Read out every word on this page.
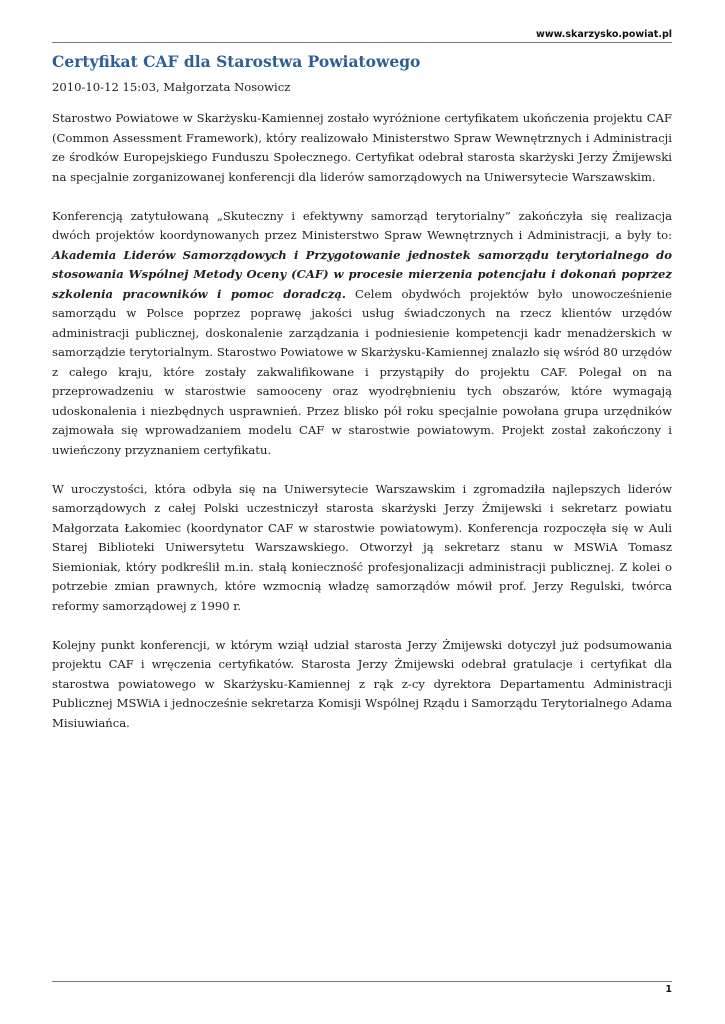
www.skarzysko.powiat.pl
Certyfikat CAF dla Starostwa Powiatowego
2010-10-12 15:03, Małgorzata Nosowicz

Starostwo Powiatowe w Skarżysku-Kamiennej zostało wyróżnione certyfikatem ukończenia projektu CAF (Common Assessment Framework), który realizowało Ministerstwo Spraw Wewnętrznych i Administracji ze środków Europejskiego Funduszu Społecznego. Certyfikat odebrał starosta skarżyski Jerzy Żmijewski na specjalnie zorganizowanej konferencji dla liderów samorządowych na Uniwersytecie Warszawskim.

Konferencją zatytułowaną „Skuteczny i efektywny samorząd terytorialny” zakończyła się realizacja dwóch projektów koordynowanych przez Ministerstwo Spraw Wewnętrznych i Administracji, a były to: Akademia Liderów Samorządowych i Przygotowanie jednostek samorządu terytorialnego do stosowania Wspólnej Metody Oceny (CAF) w procesie mierzenia potencjału i dokonań poprzez szkolenia pracowników i pomoc doradczą. Celem obydwóch projektów było unowocześnienie samorządu w Polsce poprzez poprawę jakości usług świadczonych na rzecz klientów urzędów administracji publicznej, doskonalenie zarządzania i podniesienie kompetencji kadr menadżerskich w samorządzie terytorialnym. Starostwo Powiatowe w Skarżysku-Kamiennej znalazło się wśród 80 urzędów z całego kraju, które zostały zakwalifikowane i przystąpiły do projektu CAF. Polegał on na przeprowadzeniu w starostwie samooceny oraz wyodrębnieniu tych obszarów, które wymagają udoskonalenia i niezbędnych usprawnień. Przez blisko pół roku specjalnie powołana grupa urzędników zajmowała się wprowadzaniem modelu CAF w starostwie powiatowym. Projekt został zakończony i uwieńczony przyznaniem certyfikatu.

W uroczystości, która odbyła się na Uniwersytecie Warszawskim i zgromadziła najlepszych liderów samorządowych z całej Polski uczestniczył starosta skarżyski Jerzy Żmijewski i sekretarz powiatu Małgorzata Łakomiec (koordynator CAF w starostwie powiatowym). Konferencja rozpoczęła się w Auli Starej Biblioteki Uniwersytetu Warszawskiego. Otworzył ją sekretarz stanu w MSWiA Tomasz Siemioniak, który podkreślił m.in. stałą konieczność profesjonalizacji administracji publicznej. Z kolei o potrzebie zmian prawnych, które wzmocnią władzę samorządów mówił prof. Jerzy Regulski, twórca reformy samorządowej z 1990 r.

Kolejny punkt konferencji, w którym wziął udział starosta Jerzy Żmijewski dotyczył już podsumowania projektu CAF i wręczenia certyfikatów. Starosta Jerzy Żmijewski odebrał gratulacje i certyfikat dla starostwa powiatowego w Skarżysku-Kamiennej z rąk z-cy dyrektora Departamentu Administracji Publicznej MSWiA i jednocześnie sekretarza Komisji Wspólnej Rządu i Samorządu Terytorialnego Adama Misiuwiańca.

1
